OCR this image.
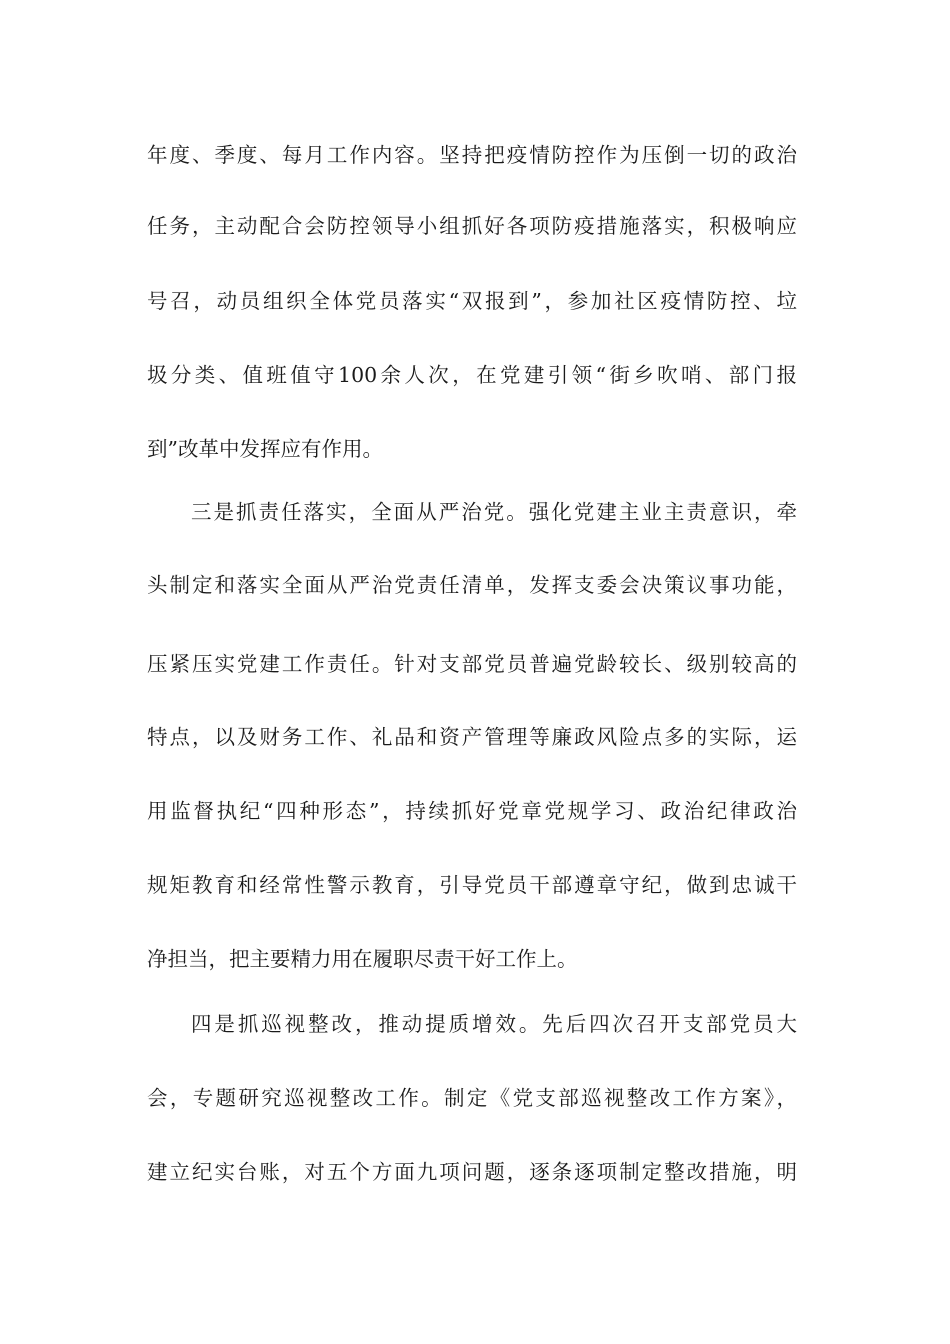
年度、季度、每月工作内容。坚持把疫情防控作为压倒一切的政治
任务，主动配合会防控领导小组抓好各项防疫措施落实，积极响应
号召，动员组织全体党员落实“双报到”，参加社区疫情防控、垃
圾分类、值班值守100余人次，在党建引领“街乡吹哨、部门报
到”改革中发挥应有作用。
三是抓责任落实，全面从严治党。强化党建主业主责意识，牵
头制定和落实全面从严治党责任清单，发挥支委会决策议事功能，
压紧压实党建工作责任。针对支部党员普遍党龄较长、级别较高的
特点，以及财务工作、礼品和资产管理等廉政风险点多的实际，运
用监督执纪“四种形态”，持续抓好党章党规学习、政治纪律政治
规矩教育和经常性警示教育，引导党员干部遵章守纪，做到忠诚干
净担当，把主要精力用在履职尽责干好工作上。
四是抓巡视整改，推动提质增效。先后四次召开支部党员大
会，专题研究巡视整改工作。制定《党支部巡视整改工作方案》，
建立纪实台账，对五个方面九项问题，逐条逐项制定整改措施，明
